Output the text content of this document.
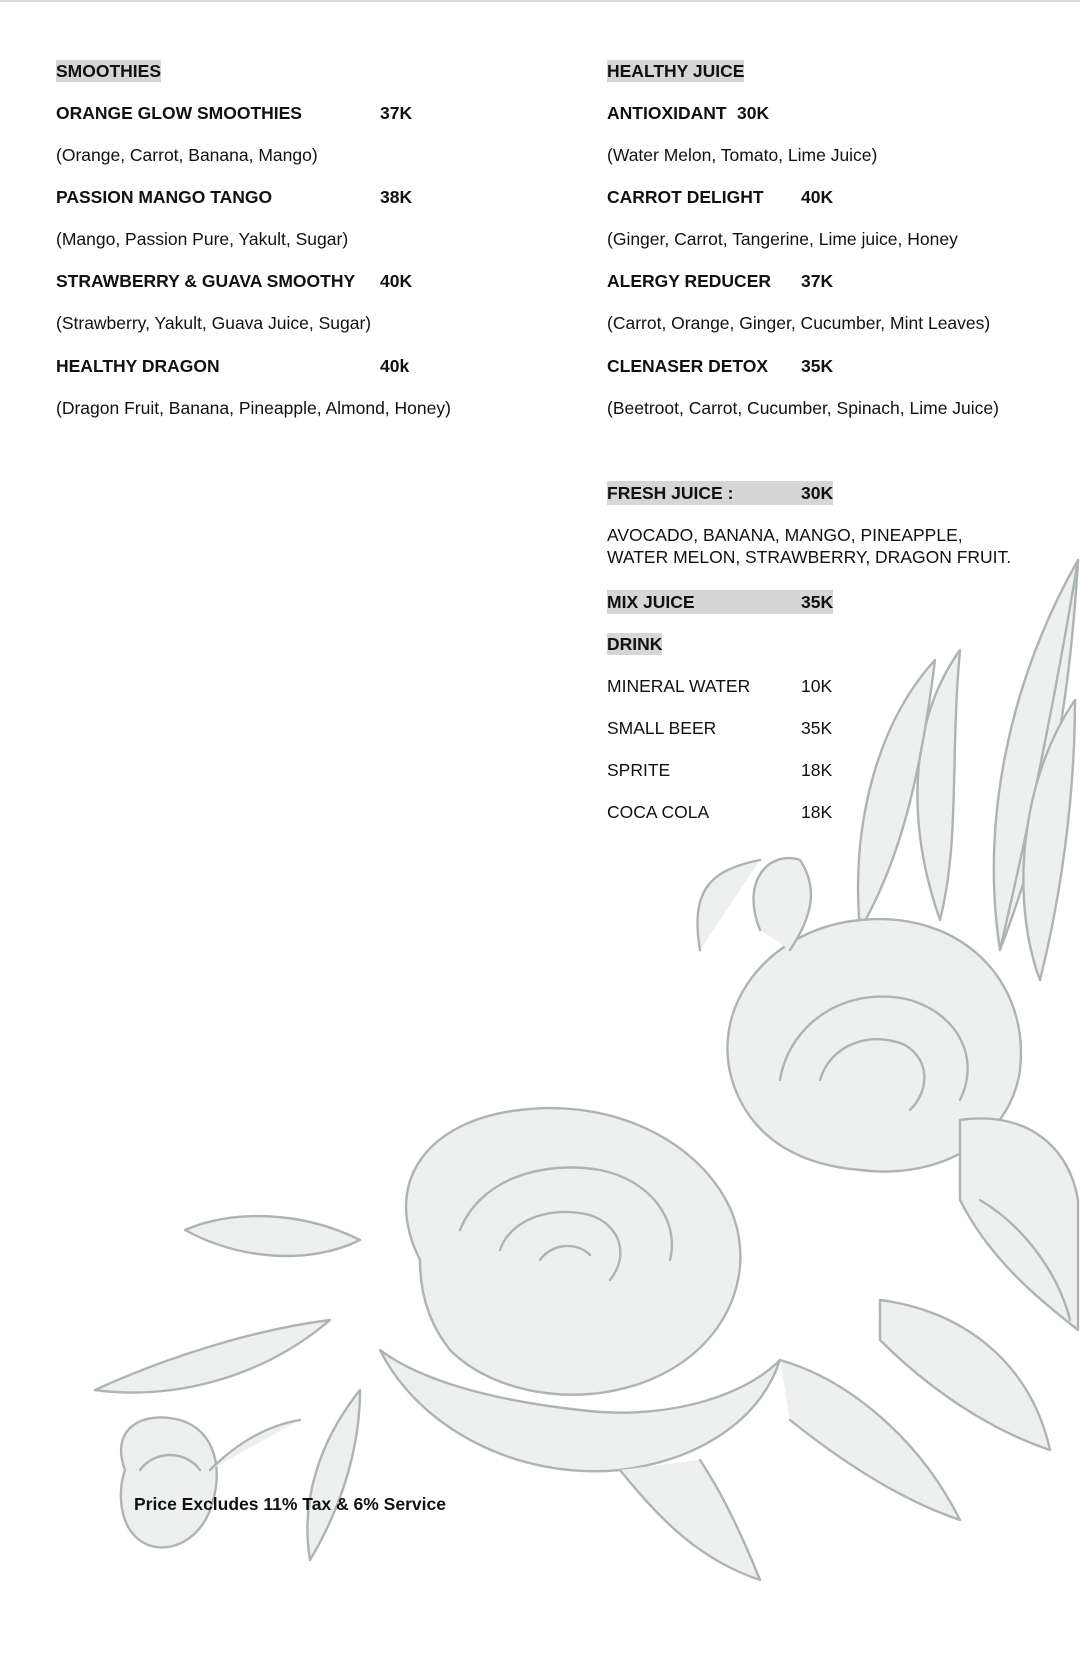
SMOOTHIES
ORANGE GLOW SMOOTHIES	37K
(Orange, Carrot, Banana, Mango)
PASSION MANGO TANGO	38K
(Mango, Passion Pure, Yakult, Sugar)
STRAWBERRY & GUAVA SMOOTHY 40K
(Strawberry, Yakult, Guava Juice, Sugar)
HEALTHY DRAGON	40k
(Dragon Fruit, Banana, Pineapple, Almond, Honey)
HEALTHY JUICE
ANTIOXIDANT 30K
(Water Melon, Tomato, Lime Juice)
CARROT DELIGHT 40K
(Ginger, Carrot, Tangerine, Lime juice, Honey
ALERGY REDUCER 37K
(Carrot, Orange, Ginger, Cucumber, Mint Leaves)
CLENASER DETOX 35K
(Beetroot, Carrot, Cucumber, Spinach, Lime Juice)
FRESH JUICE :	30K
AVOCADO, BANANA, MANGO, PINEAPPLE, WATER MELON, STRAWBERRY, DRAGON FRUIT.
MIX JUICE	35K
DRINK
MINERAL WATER	10K
SMALL BEER	35K
SPRITE	18K
COCA COLA	18K
Price Excludes 11% Tax & 6% Service
